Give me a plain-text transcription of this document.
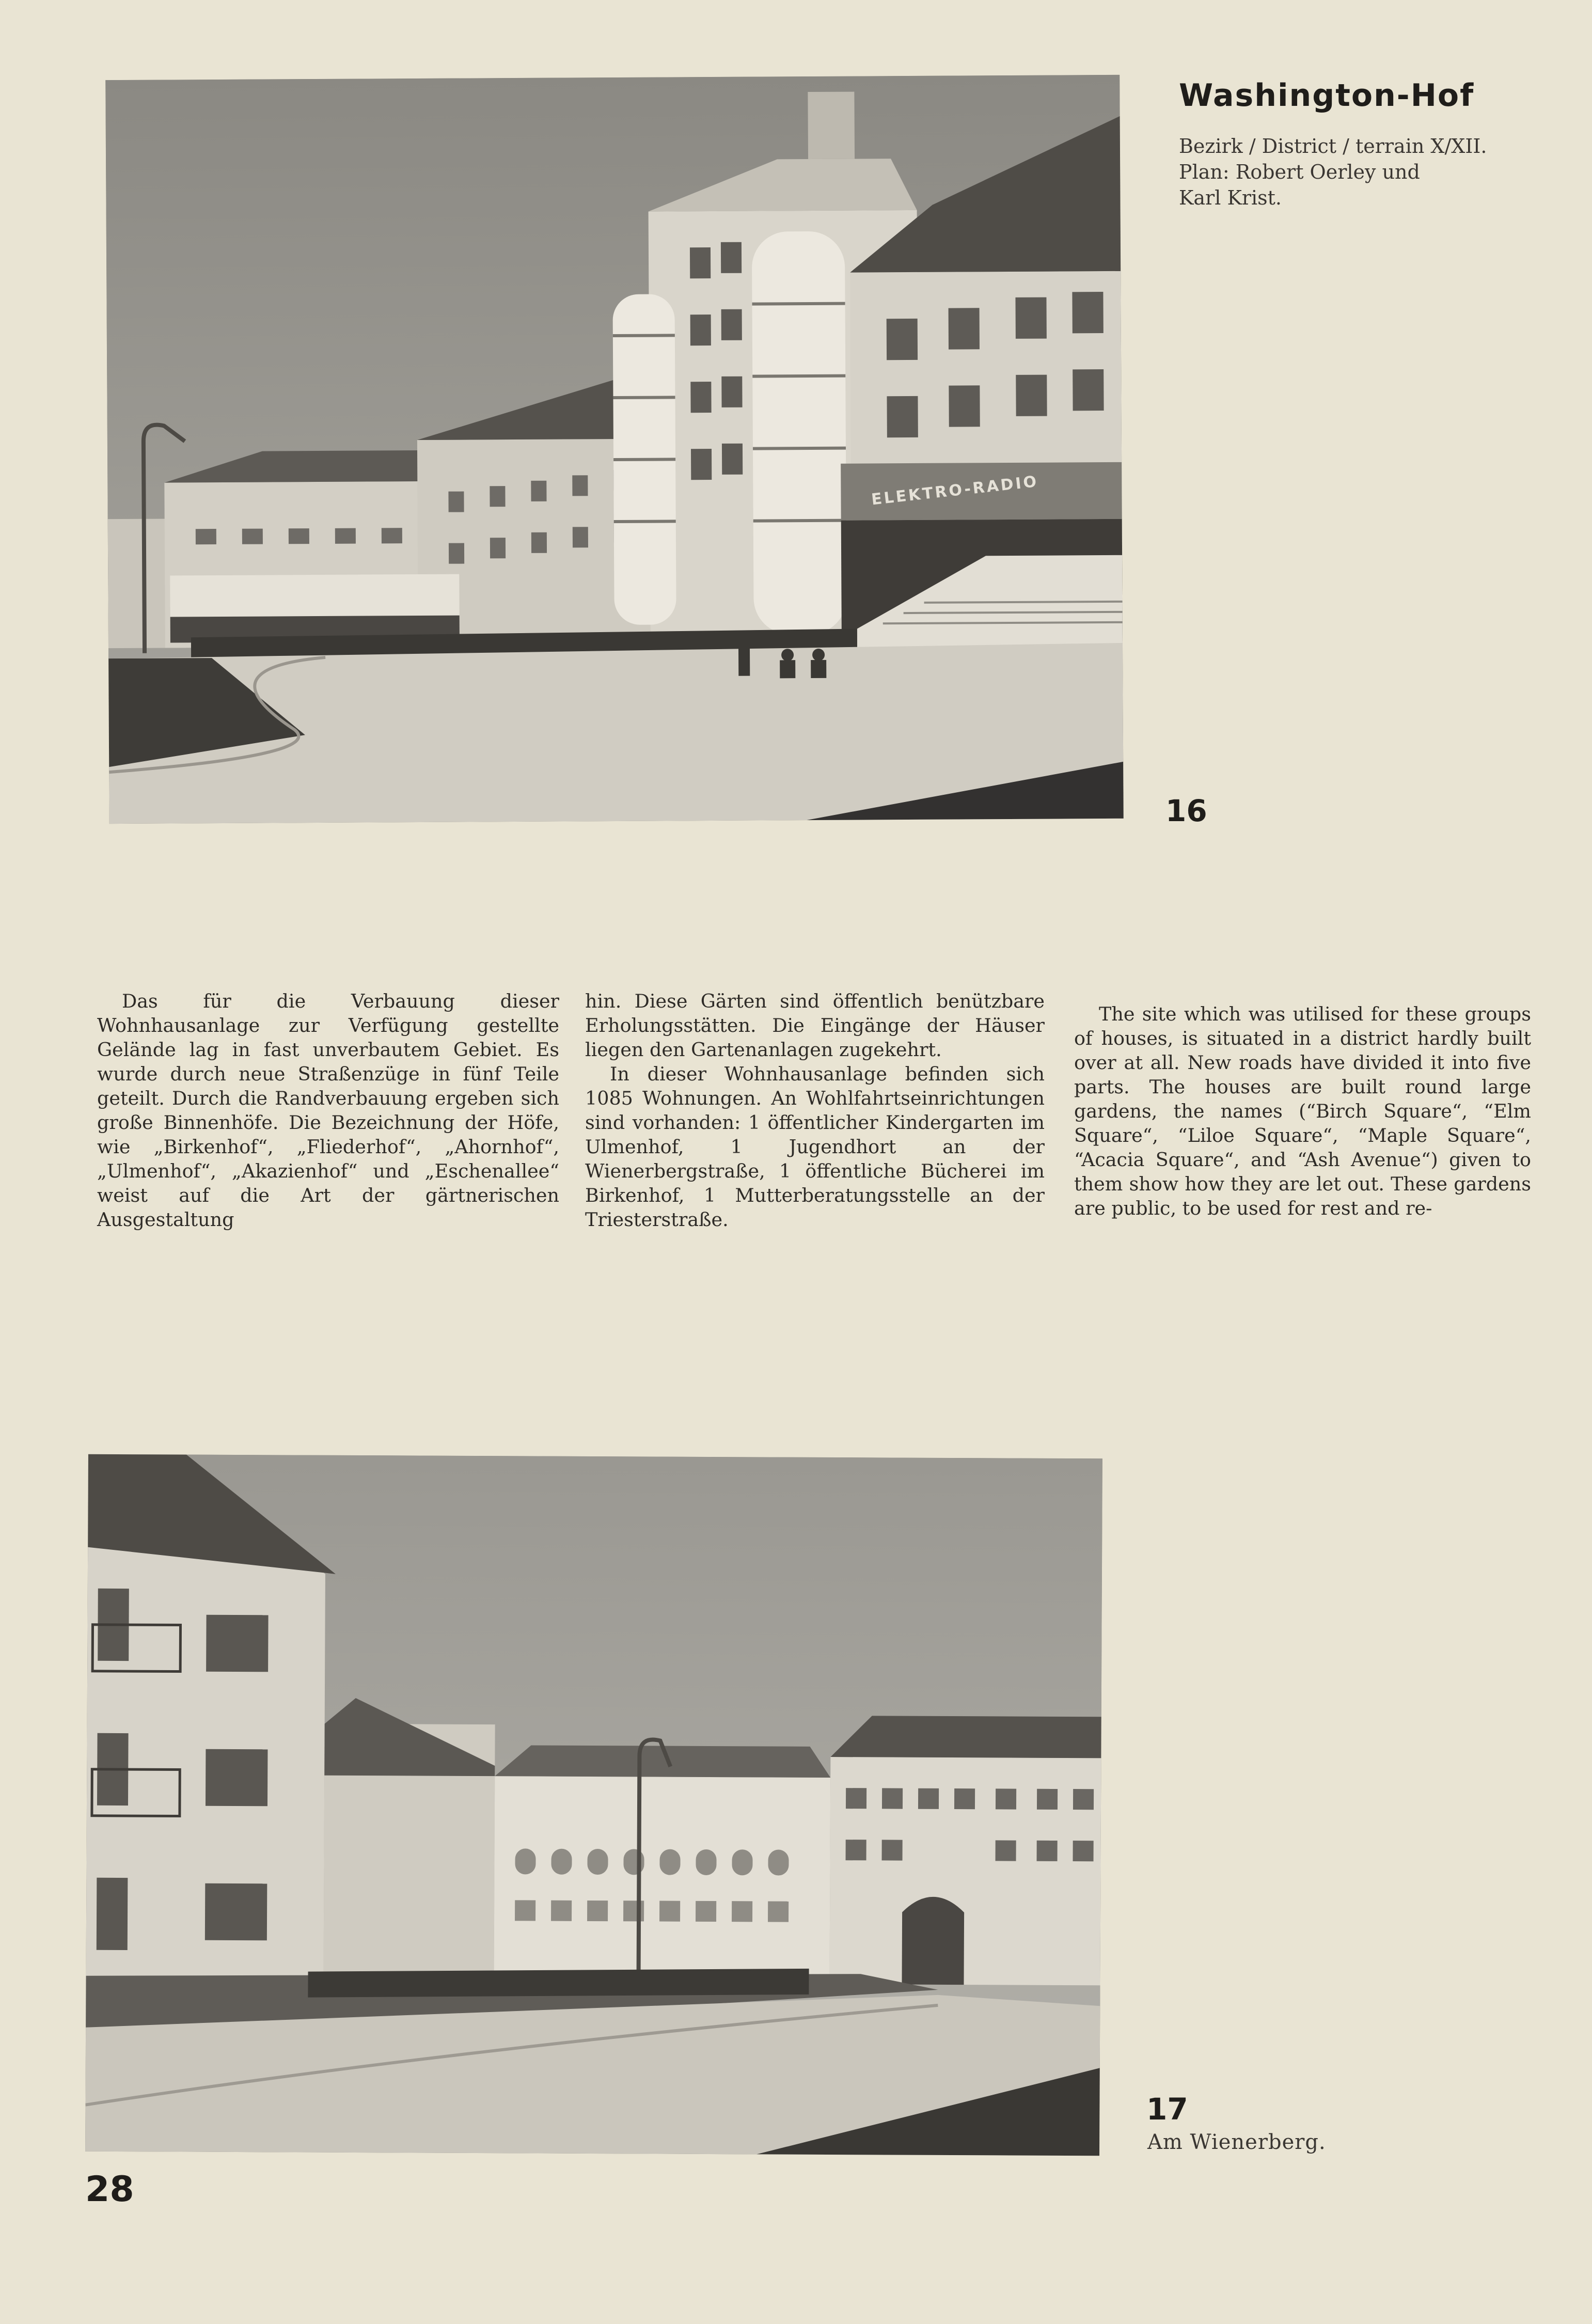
ELEKTRO-RADIO
Washington-Hof
Bezirk / District / terrain X/XII.
Plan: Robert Oerley und
Karl Krist.
16

Das für die Verbauung dieser Wohnhausanlage zur Verfügung gestellte Gelände lag in fast unverbautem Gebiet. Es wurde durch neue Straßenzüge in fünf Teile geteilt. Durch die Randverbauung ergeben sich große Binnenhöfe. Die Bezeichnung der Höfe, wie „Birkenhof“, „Fliederhof“, „Ahornhof“, „Ulmenhof“, „Akazienhof“ und „Eschenallee“ weist auf die Art der gärtnerischen Ausgestaltung

hin. Diese Gärten sind öffentlich benützbare Erholungsstätten. Die Eingänge der Häuser liegen den Gartenanlagen zugekehrt.

In dieser Wohnhausanlage befinden sich 1085 Wohnungen. An Wohlfahrtseinrichtungen sind vorhanden: 1 öffentlicher Kindergarten im Ulmenhof, 1 Jugendhort an der Wienerbergstraße, 1 öffentliche Bücherei im Birkenhof, 1 Mutterberatungsstelle an der Triesterstraße.

The site which was utilised for these groups of houses, is situated in a district hardly built over at all. New roads have divided it into five parts. The houses are built round large gardens, the names (“Birch Square“, “Elm Square“, “Liloe Square“, “Maple Square“, “Acacia Square“, and “Ash Avenue“) given to them show how they are let out. These gardens are public, to be used for rest and re-

17
Am Wienerberg.
28
